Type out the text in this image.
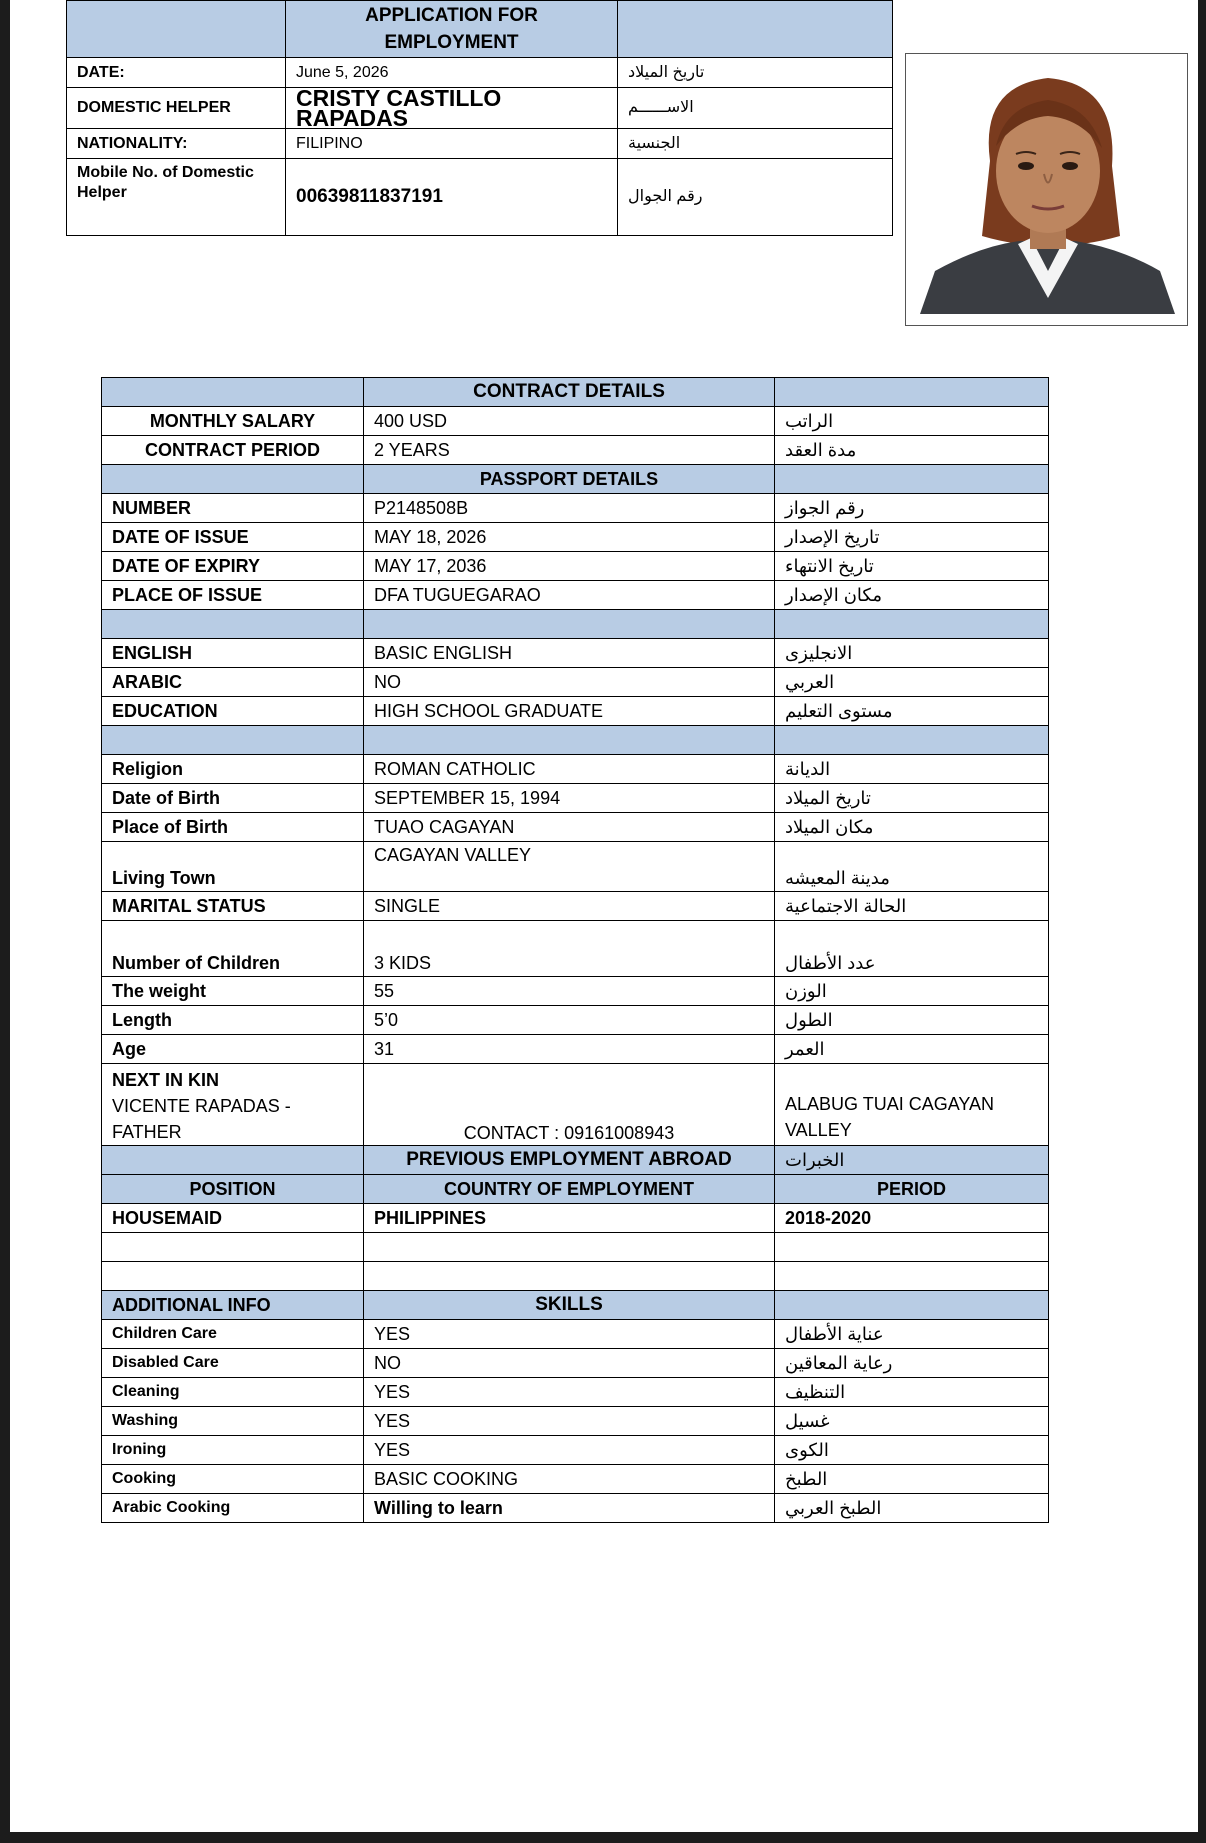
	APPLICATION FOR
EMPLOYMENT	

DATE:	June 5, 2026	تاريخ الميلاد
DOMESTIC HELPER	CRISTY CASTILLO RAPADAS	الاســــــم
NATIONALITY:	FILIPINO	الجنسية
Mobile No. of Domestic Helper	00639811837191	رقم الجوال
	CONTRACT DETAILS	
MONTHLY SALARY	400 USD	الراتب
CONTRACT PERIOD	2 YEARS	مدة العقد
	PASSPORT DETAILS	
NUMBER	P2148508B	رقم الجواز
DATE OF ISSUE	MAY 18, 2026	تاريخ الإصدار
DATE OF EXPIRY	MAY 17, 2036	تاريخ الانتهاء
PLACE OF ISSUE	DFA TUGUEGARAO	مكان الإصدار

ENGLISH	BASIC ENGLISH	الانجليزى
ARABIC	NO	العربي
EDUCATION	HIGH SCHOOL GRADUATE	مستوى التعليم

Religion	ROMAN CATHOLIC	الديانة
Date of Birth	SEPTEMBER 15, 1994	تاريخ الميلاد
Place of Birth	TUAO CAGAYAN	مكان الميلاد
Living Town	CAGAYAN VALLEY	مدينة المعيشه
MARITAL STATUS	SINGLE	الحالة الاجتماعية
Number of Children	3 KIDS	عدد الأطفال
The weight	55	الوزن
Length	5’0	الطول
Age	31	العمر

NEXT IN KIN
VICENTE RAPADAS - FATHER	CONTACT : 09161008943	ALABUG TUAI CAGAYAN VALLEY
	PREVIOUS EMPLOYMENT ABROAD	الخبرات
POSITION	COUNTRY OF EMPLOYMENT	PERIOD
HOUSEMAID	PHILIPPINES	2018-2020

ADDITIONAL INFO	SKILLS	
Children Care	YES	عناية الأطفال
Disabled Care	NO	رعاية المعاقين
Cleaning	YES	التنظيف
Washing	YES	غسيل
Ironing	YES	الكوى
Cooking	BASIC COOKING	الطبخ
Arabic Cooking	Willing to learn	الطبخ العربي
